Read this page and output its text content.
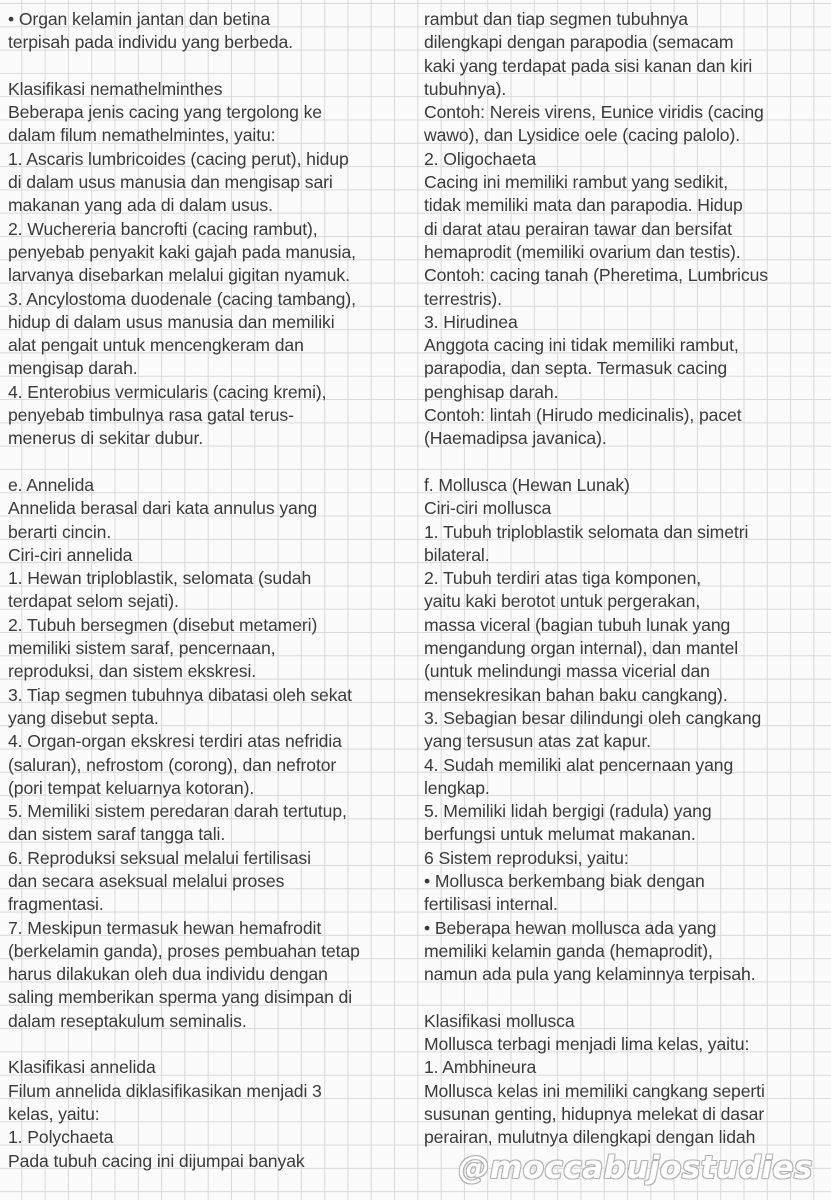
• Organ kelamin jantan dan betina
terpisah pada individu yang berbeda.
Klasifikasi nemathelminthes
Beberapa jenis cacing yang tergolong ke
dalam filum nemathelmintes, yaitu:
1. Ascaris lumbricoides (cacing perut), hidup
di dalam usus manusia dan mengisap sari
makanan yang ada di dalam usus.
2. Wuchereria bancrofti (cacing rambut),
penyebab penyakit kaki gajah pada manusia,
larvanya disebarkan melalui gigitan nyamuk.
3. Ancylostoma duodenale (cacing tambang),
hidup di dalam usus manusia dan memiliki
alat pengait untuk mencengkeram dan
mengisap darah.
4. Enterobius vermicularis (cacing kremi),
penyebab timbulnya rasa gatal terus-
menerus di sekitar dubur.
e. Annelida
Annelida berasal dari kata annulus yang
berarti cincin.
Ciri-ciri annelida
1. Hewan triploblastik, selomata (sudah
terdapat selom sejati).
2. Tubuh bersegmen (disebut metameri)
memiliki sistem saraf, pencernaan,
reproduksi, dan sistem ekskresi.
3. Tiap segmen tubuhnya dibatasi oleh sekat
yang disebut septa.
4. Organ-organ ekskresi terdiri atas nefridia
(saluran), nefrostom (corong), dan nefrotor
(pori tempat keluarnya kotoran).
5. Memiliki sistem peredaran darah tertutup,
dan sistem saraf tangga tali.
6. Reproduksi seksual melalui fertilisasi
dan secara aseksual melalui proses
fragmentasi.
7. Meskipun termasuk hewan hemafrodit
(berkelamin ganda), proses pembuahan tetap
harus dilakukan oleh dua individu dengan
saling memberikan sperma yang disimpan di
dalam reseptakulum seminalis.
Klasifikasi annelida
Filum annelida diklasifikasikan menjadi 3
kelas, yaitu:
1. Polychaeta
Pada tubuh cacing ini dijumpai banyak
rambut dan tiap segmen tubuhnya
dilengkapi dengan parapodia (semacam
kaki yang terdapat pada sisi kanan dan kiri
tubuhnya).
Contoh: Nereis virens, Eunice viridis (cacing
wawo), dan Lysidice oele (cacing palolo).
2. Oligochaeta
Cacing ini memiliki rambut yang sedikit,
tidak memiliki mata dan parapodia. Hidup
di darat atau perairan tawar dan bersifat
hemaprodit (memiliki ovarium dan testis).
Contoh: cacing tanah (Pheretima, Lumbricus
terrestris).
3. Hirudinea
Anggota cacing ini tidak memiliki rambut,
parapodia, dan septa. Termasuk cacing
penghisap darah.
Contoh: lintah (Hirudo medicinalis), pacet
(Haemadipsa javanica).
f. Mollusca (Hewan Lunak)
Ciri-ciri mollusca
1. Tubuh triploblastik selomata dan simetri
bilateral.
2. Tubuh terdiri atas tiga komponen,
yaitu kaki berotot untuk pergerakan,
massa viceral (bagian tubuh lunak yang
mengandung organ internal), dan mantel
(untuk melindungi massa vicerial dan
mensekresikan bahan baku cangkang).
3. Sebagian besar dilindungi oleh cangkang
yang tersusun atas zat kapur.
4. Sudah memiliki alat pencernaan yang
lengkap.
5. Memiliki lidah bergigi (radula) yang
berfungsi untuk melumat makanan.
6 Sistem reproduksi, yaitu:
• Mollusca berkembang biak dengan
fertilisasi internal.
• Beberapa hewan mollusca ada yang
memiliki kelamin ganda (hemaprodit),
namun ada pula yang kelaminnya terpisah.
Klasifikasi mollusca
Mollusca terbagi menjadi lima kelas, yaitu:
1. Ambhineura
Mollusca kelas ini memiliki cangkang seperti
susunan genting, hidupnya melekat di dasar
perairan, mulutnya dilengkapi dengan lidah
@moccabujostudies
